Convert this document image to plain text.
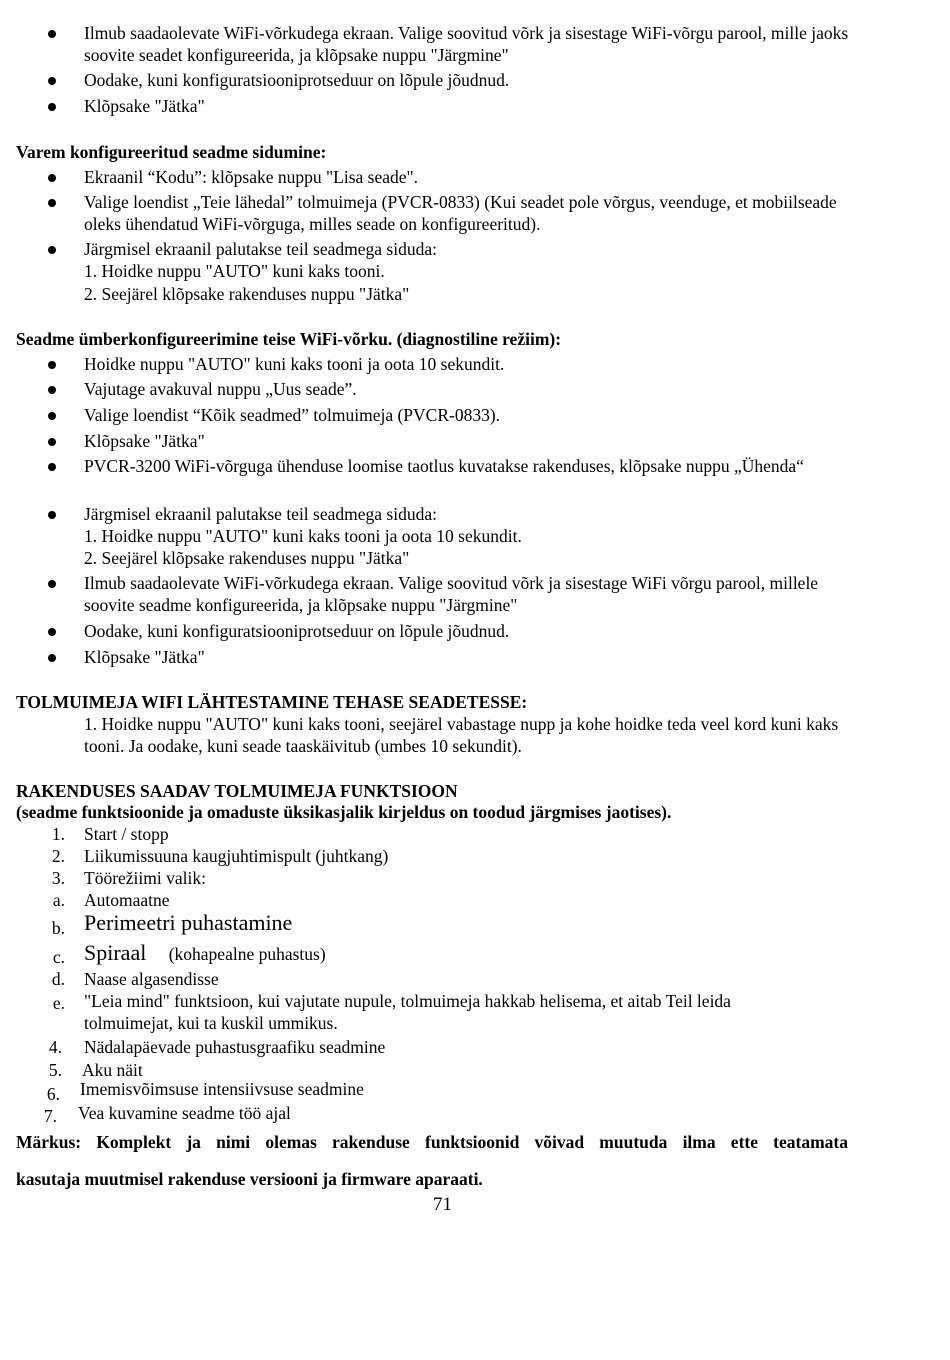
Ilmub saadaolevate WiFi-võrkudega ekraan. Valige soovitud võrk ja sisestage WiFi-võrgu parool, mille jaoks soovite seadet konfigureerida, ja klõpsake nuppu "Järgmine"
Oodake, kuni konfiguratsiooniprotseduur on lõpule jõudnud.
Klõpsake "Jätka"
Varem konfigureeritud seadme sidumine:
Ekraanil “Kodu”: klõpsake nuppu "Lisa seade".
Valige loendist „Teie lähedal” tolmuimeja (PVCR-0833) (Kui seadet pole võrgus, veenduge, et mobiilseade oleks ühendatud WiFi-võrguga, milles seade on konfigureeritud).
Järgmisel ekraanil palutakse teil seadmega siduda:
1. Hoidke nuppu "AUTO" kuni kaks tooni.
2. Seejärel klõpsake rakenduses nuppu "Jätka"
Seadme ümberkonfigureerimine teise WiFi-võrku. (diagnostiline režiim):
Hoidke nuppu "AUTO" kuni kaks tooni ja oota 10 sekundit.
Vajutage avakuval nuppu „Uus seade”.
Valige loendist “Kõik seadmed” tolmuimeja (PVCR-0833).
Klõpsake "Jätka"
PVCR-3200 WiFi-võrguga ühenduse loomise taotlus kuvatakse rakenduses, klõpsake nuppu „Ühenda“
Järgmisel ekraanil palutakse teil seadmega siduda:
1. Hoidke nuppu "AUTO" kuni kaks tooni ja oota 10 sekundit.
2. Seejärel klõpsake rakenduses nuppu "Jätka"
Ilmub saadaolevate WiFi-võrkudega ekraan. Valige soovitud võrk ja sisestage WiFi võrgu parool, millele soovite seadme konfigureerida, ja klõpsake nuppu "Järgmine"
Oodake, kuni konfiguratsiooniprotseduur on lõpule jõudnud.
Klõpsake "Jätka"
TOLMUIMEJA WIFI LÄHTESTAMINE TEHASE SEADETESSE:
1. Hoidke nuppu "AUTO" kuni kaks tooni, seejärel vabastage nupp ja kohe hoidke teda veel kord kuni kaks tooni. Ja oodake, kuni seade taaskäivitub (umbes 10 sekundit).
RAKENDUSES SAADAV TOLMUIMEJA FUNKTSIOON
(seadme funktsioonide ja omaduste üksikasjalik kirjeldus on toodud järgmises jaotises).
1. Start / stopp
2. Liikumissuuna kaugjuhtimispult (juhtkang)
3. Töörežiimi valik:
a. Automaatne
b. Perimeetri puhastamine
c. Spiraal (kohapealne puhastus)
d. Naase algasendisse
e. "Leia mind" funktsioon, kui vajutate nupule, tolmuimeja hakkab helisema, et aitab Teil leida tolmuimejat, kui ta kuskil ummikus.
4. Nädalapäevade puhastusgraafiku seadmine
5. Aku näit
6. Imemisvõimsuse intensiivsuse seadmine
7. Vea kuvamine seadme töö ajal
Märkus: Komplekt ja nimi olemas rakenduse funktsioonid võivad muutuda ilma ette teatamata
kasutaja muutmisel rakenduse versiooni ja firmware aparaati.
71
